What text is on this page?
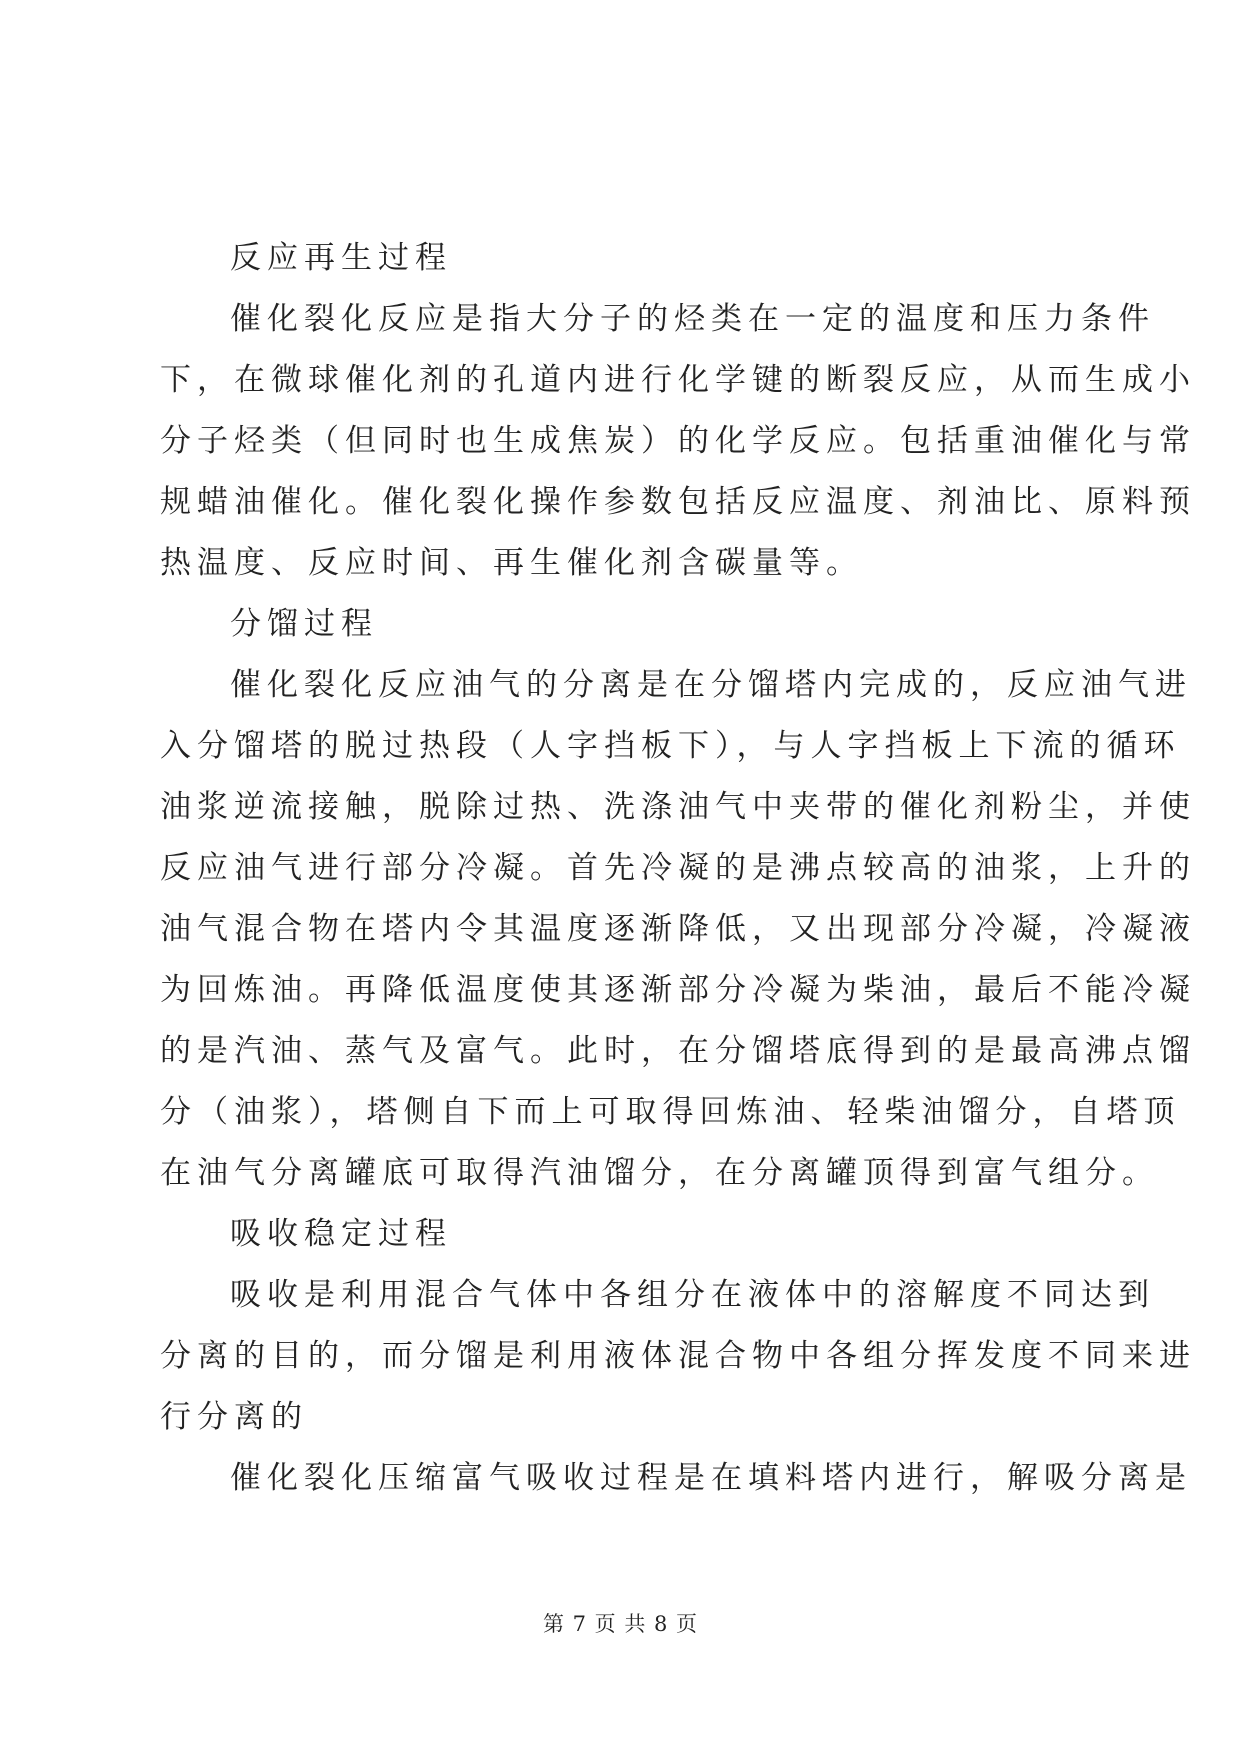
反应再生过程

催化裂化反应是指大分子的烃类在一定的温度和压力条件
下，在微球催化剂的孔道内进行化学键的断裂反应，从而生成小
分子烃类（但同时也生成焦炭）的化学反应。包括重油催化与常
规蜡油催化。催化裂化操作参数包括反应温度、剂油比、原料预
热温度、反应时间、再生催化剂含碳量等。

分馏过程

催化裂化反应油气的分离是在分馏塔内完成的，反应油气进
入分馏塔的脱过热段（人字挡板下），与人字挡板上下流的循环
油浆逆流接触，脱除过热、洗涤油气中夹带的催化剂粉尘，并使
反应油气进行部分冷凝。首先冷凝的是沸点较高的油浆，上升的
油气混合物在塔内令其温度逐渐降低，又出现部分冷凝，冷凝液
为回炼油。再降低温度使其逐渐部分冷凝为柴油，最后不能冷凝
的是汽油、蒸气及富气。此时，在分馏塔底得到的是最高沸点馏
分（油浆），塔侧自下而上可取得回炼油、轻柴油馏分，自塔顶
在油气分离罐底可取得汽油馏分，在分离罐顶得到富气组分。

吸收稳定过程

吸收是利用混合气体中各组分在液体中的溶解度不同达到
分离的目的，而分馏是利用液体混合物中各组分挥发度不同来进
行分离的

催化裂化压缩富气吸收过程是在填料塔内进行，解吸分离是

第 7 页 共 8 页
